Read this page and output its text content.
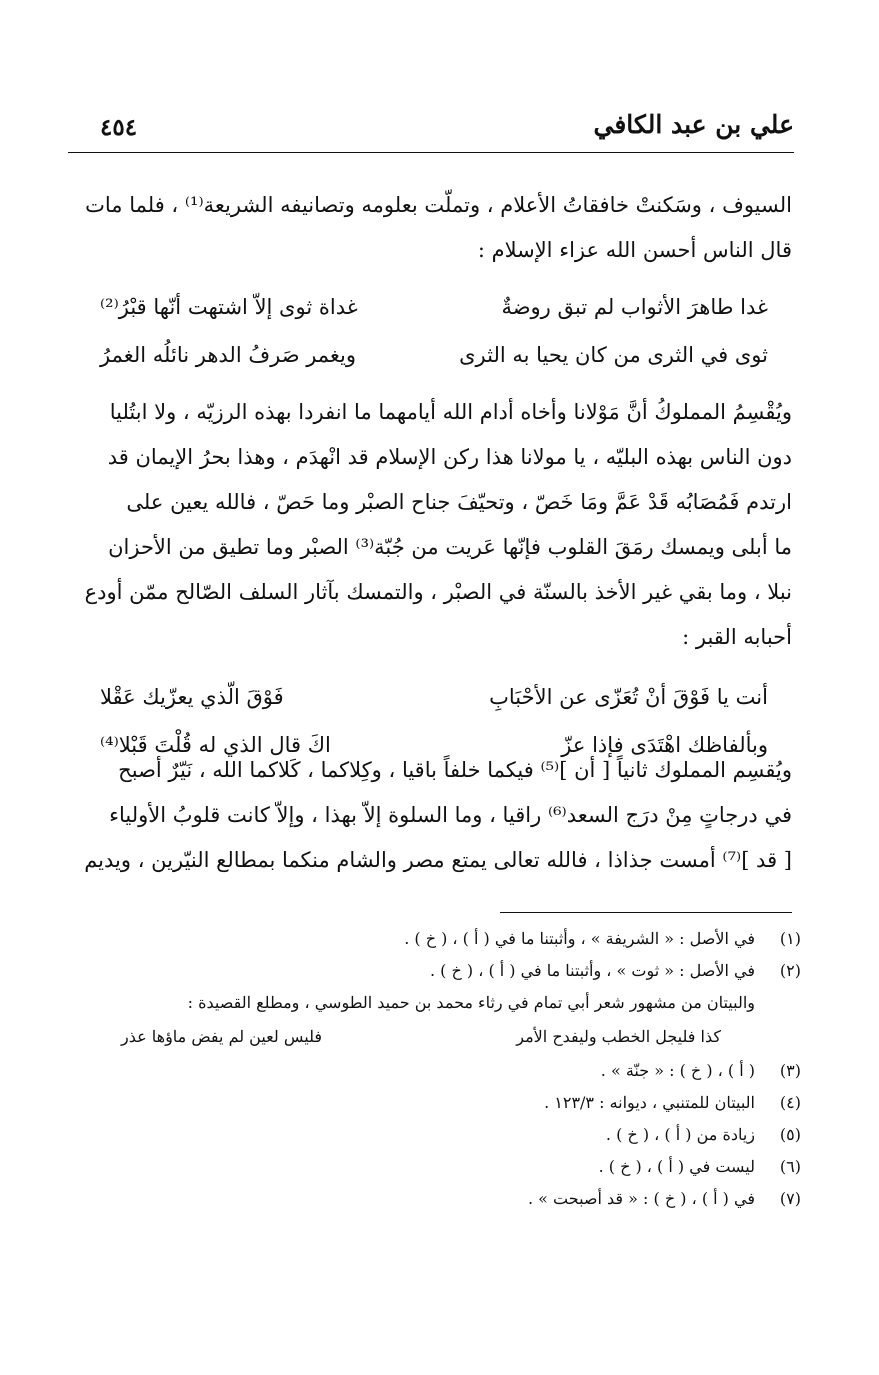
علي بن عبد الكافي
٤٥٤
السيوف ، وسَكنتْ خافقاتُ الأعلام ، وتملّت بعلومه وتصانيفه الشريعة⁽¹⁾ ، فلما مات
قال الناس أحسن الله عزاء الإسلام :
غدا طاهرَ الأثواب لم تبق روضةٌ
غداة ثوى إلاّ اشتهت أنّها قبْرُ⁽²⁾
ثوى في الثرى من كان يحيا به الثرى
ويغمر صَرفُ الدهر نائلُه الغمرُ
ويُقْسِمُ المملوكُ أنَّ مَوْلانا وأخاه أدام الله أيامهما ما انفردا بهذه الرزيّه ، ولا ابتُليا
دون الناس بهذه البليّه ، يا مولانا هذا ركن الإسلام قد انْهدَم ، وهذا بحرُ الإيمان قد
ارتدم فَمُصَابُه قَدْ عَمَّ ومَا خَصّ ، وتحيّفَ جناح الصبْر وما حَصّ ، فالله يعين على
ما أبلى ويمسك رمَقَ القلوب فإنّها عَريت من جُبّة⁽³⁾ الصبْر وما تطيق من الأحزان
نبلا ، وما بقي غير الأخذ بالسنّة في الصبْر ، والتمسك بآثار السلف الصّالح ممّن أودع
أحبابه القبر :
أنت يا فَوْقَ أنْ تُعَزّى عن الأحْبَابِ
فَوْقَ الّذي يعزّيك عَقْلا
وبألفاظك اهْتَدَى فإذا عزّ
اكَ قال الذي له قُلْتَ قَبْلا⁽⁴⁾
ويُقسِم المملوك ثانياً [ أن ]⁽⁵⁾ فيكما خلفاً باقيا ، وكِلاكما ، كَلاكما الله ، نَيّرٌ أصبح
في درجاتٍ مِنْ درَج السعد⁽⁶⁾ راقيا ، وما السلوة إلاّ بهذا ، وإلاّ كانت قلوبُ الأولياء
[ قد ]⁽⁷⁾ أمست جذاذا ، فالله تعالى يمتع مصر والشام منكما بمطالع النيّرين ، ويديم
(١)
في الأصل : « الشريفة » ، وأثبتنا ما في ( أ ) ، ( خ ) .
(٢)
في الأصل : « ثوت » ، وأثبتنا ما في ( أ ) ، ( خ ) .
والبيتان من مشهور شعر أبي تمام في رثاء محمد بن حميد الطوسي ، ومطلع القصيدة :
كذا فليجل الخطب وليفدح الأمر
فليس لعين لم يفض ماؤها عذر
(٣)
( أ ) ، ( خ ) : « جنّة » .
(٤)
البيتان للمتنبي ، ديوانه : ١٢٣/٣ .
(٥)
زيادة من ( أ ) ، ( خ ) .
(٦)
ليست في ( أ ) ، ( خ ) .
(٧)
في ( أ ) ، ( خ ) : « قد أصبحت » .
